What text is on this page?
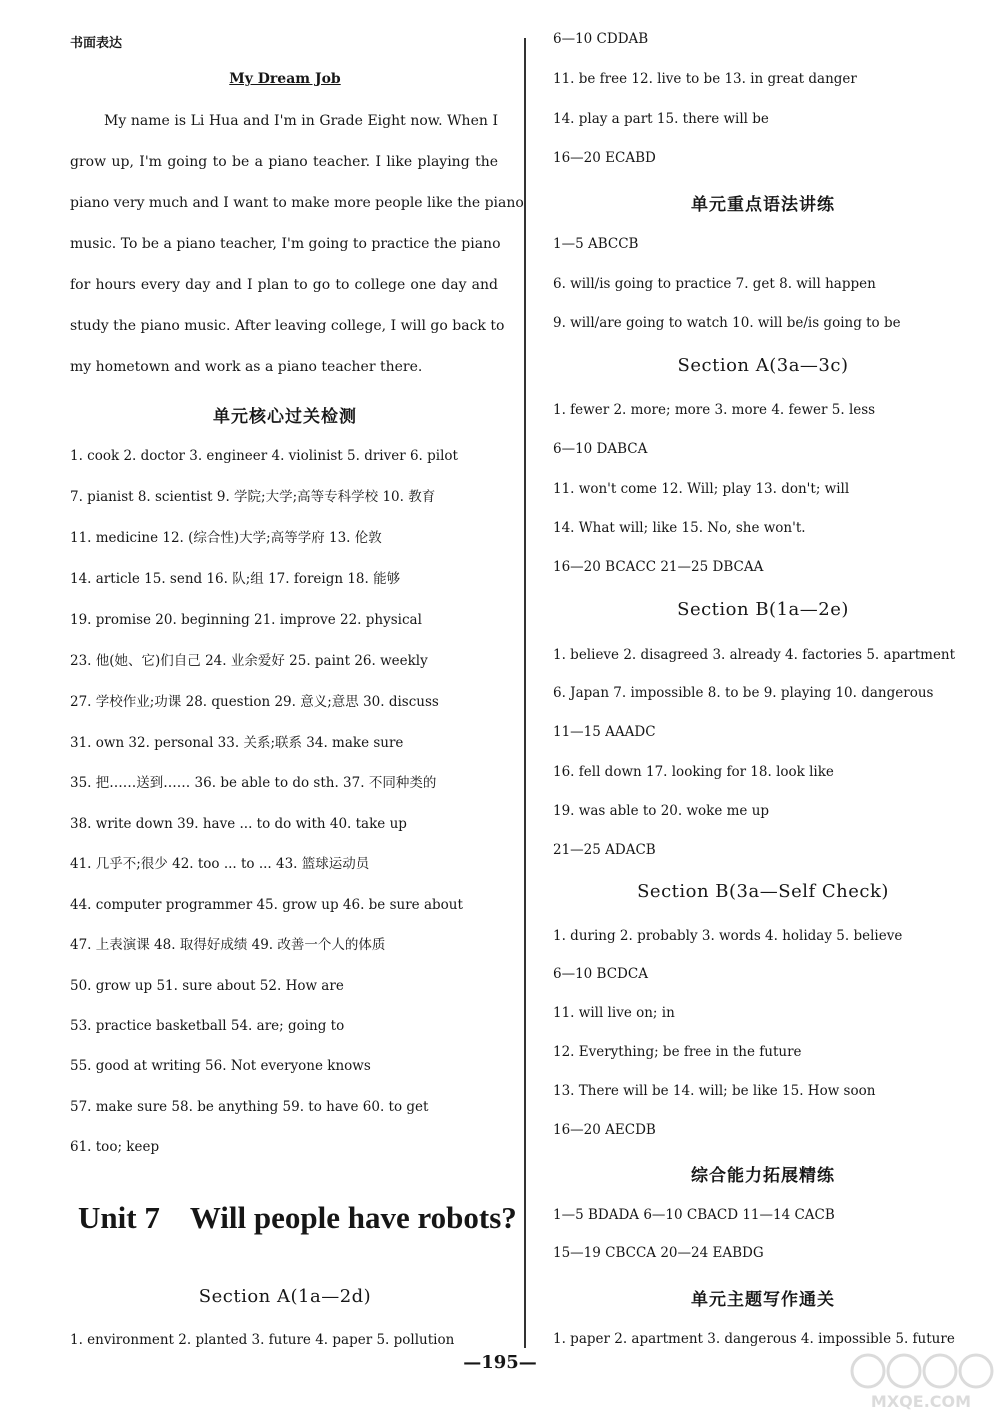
书面表达
My Dream Job
My name is Li Hua and I'm in Grade Eight now. When I
grow up, I'm going to be a piano teacher. I like playing the
piano very much and I want to make more people like the piano
music. To be a piano teacher, I'm going to practice the piano
for hours every day and I plan to go to college one day and
study the piano music. After leaving college, I will go back to
my hometown and work as a piano teacher there.
单元核心过关检测
1. cook 2. doctor 3. engineer 4. violinist 5. driver 6. pilot
7. pianist 8. scientist 9. 学院;大学;高等专科学校 10. 教育
11. medicine 12. (综合性)大学;高等学府 13. 伦敦
14. article 15. send 16. 队;组 17. foreign 18. 能够
19. promise 20. beginning 21. improve 22. physical
23. 他(她、它)们自己 24. 业余爱好 25. paint 26. weekly
27. 学校作业;功课 28. question 29. 意义;意思 30. discuss
31. own 32. personal 33. 关系;联系 34. make sure
35. 把……送到…… 36. be able to do sth. 37. 不同种类的
38. write down 39. have ... to do with 40. take up
41. 几乎不;很少 42. too ... to ... 43. 篮球运动员
44. computer programmer 45. grow up 46. be sure about
47. 上表演课 48. 取得好成绩 49. 改善一个人的体质
50. grow up 51. sure about 52. How are
53. practice basketball 54. are; going to
55. good at writing 56. Not everyone knows
57. make sure 58. be anything 59. to have 60. to get
61. too; keep
Unit 7 Will people have robots?
Section A(1a—2d)
1. environment 2. planted 3. future 4. paper 5. pollution
6—10 CDDAB
11. be free 12. live to be 13. in great danger
14. play a part 15. there will be
16—20 ECABD
单元重点语法讲练
1—5 ABCCB
6. will/is going to practice 7. get 8. will happen
9. will/are going to watch 10. will be/is going to be
Section A(3a—3c)
1. fewer 2. more; more 3. more 4. fewer 5. less
6—10 DABCA
11. won't come 12. Will; play 13. don't; will
14. What will; like 15. No, she won't.
16—20 BCACC 21—25 DBCAA
Section B(1a—2e)
1. believe 2. disagreed 3. already 4. factories 5. apartment
6. Japan 7. impossible 8. to be 9. playing 10. dangerous
11—15 AAADC
16. fell down 17. looking for 18. look like
19. was able to 20. woke me up
21—25 ADACB
Section B(3a—Self Check)
1. during 2. probably 3. words 4. holiday 5. believe
6—10 BCDCA
11. will live on; in
12. Everything; be free in the future
13. There will be 14. will; be like 15. How soon
16—20 AECDB
综合能力拓展精练
1—5 BDADA 6—10 CBACD 11—14 CACB
15—19 CBCCA 20—24 EABDG
单元主题写作通关
1. paper 2. apartment 3. dangerous 4. impossible 5. future
—195—
MXQE.COM
